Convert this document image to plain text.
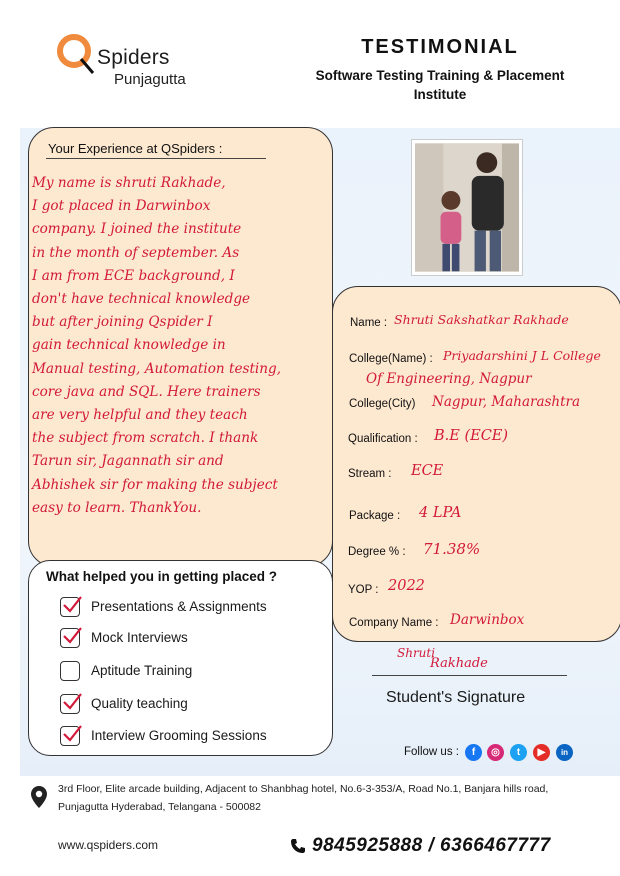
Spiders
Punjagutta
TESTIMONIAL
Software Testing Training & Placement
Institute
Your Experience at QSpiders :
My name is shruti Rakhade,
I got placed in Darwinbox
company. I joined the institute
in the month of september. As
I am from ECE background, I
don't have technical knowledge
but after joining Qspider I
gain technical knowledge in
Manual testing, Automation testing,
core java and SQL. Here trainers
are very helpful and they teach
the subject from scratch. I thank
Tarun sir, Jagannath sir and
Abhishek sir for making the subject
easy to learn. ThankYou.
What helped you in getting placed ?
Presentations & Assignments
Mock Interviews
Aptitude Training
Quality teaching
Interview Grooming Sessions
Name : Shruti Sakshatkar Rakhade
College(Name) : Priyadarshini J L College
Of Engineering, Nagpur
College(City) Nagpur, Maharashtra
Qualification : B.E (ECE)
Stream : ECE
Package : 4 LPA
Degree % : 71.38%
YOP : 2022
Company Name : Darwinbox
Shruti
Rakhade
Student's Signature
Follow us :	f	◎	t	▶	in
3rd Floor, Elite arcade building, Adjacent to Shanbhag hotel, No.6-3-353/A, Road No.1, Banjara hills road,
Punjagutta Hyderabad, Telangana - 500082
www.qspiders.com	9845925888 / 6366467777
